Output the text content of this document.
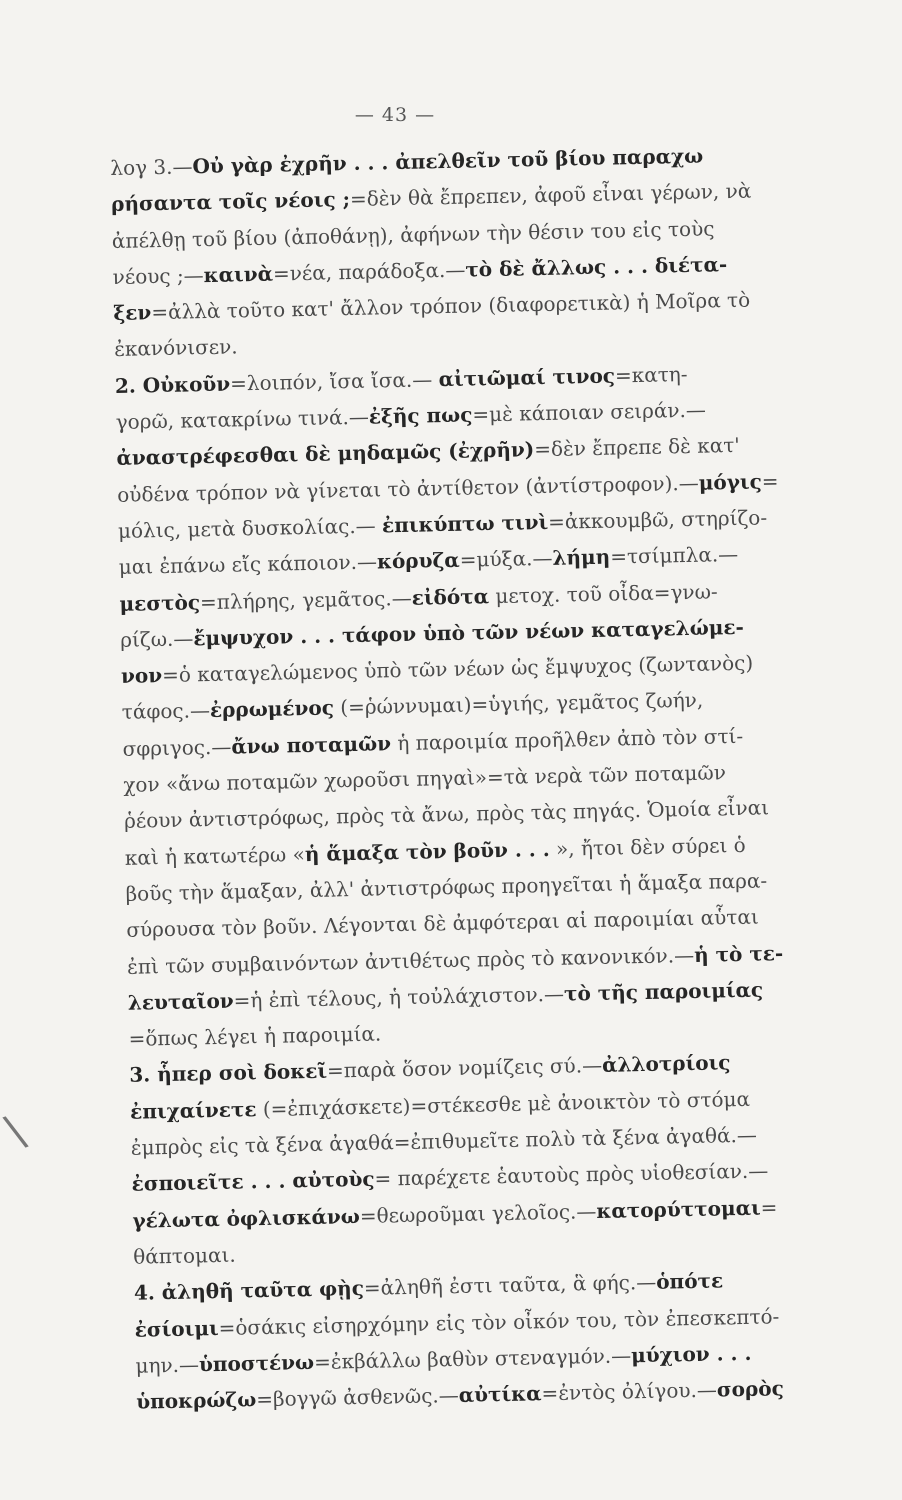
— 43 —
\
λογ 3.—Οὐ γὰρ ἐχρῆν . . . ἀπελθεῖν τοῦ βίου παραχω
ρήσαντα τοῖς νέοις ;=δὲν θὰ ἔπρεπεν, ἀφοῦ εἶναι γέρων, νὰ
ἀπέλθῃ τοῦ βίου (ἀποθάνῃ), ἀφήνων τὴν θέσιν του εἰς τοὺς
νέους ;—καινὰ=νέα, παράδοξα.—τὸ δὲ ἄλλως . . . διέτα-
ξεν=ἀλλὰ τοῦτο κατ' ἄλλον τρόπον (διαφορετικὰ) ἡ Μοῖρα τὸ
ἐκανόνισεν.
2. Οὐκοῦν=λοιπόν, ἴσα ἴσα.— αἰτιῶμαί τινος=κατη-
γορῶ, κατακρίνω τινά.—ἐξῆς πως=μὲ κάποιαν σειράν.—
ἀναστρέφεσθαι δὲ μηδαμῶς (ἐχρῆν)=δὲν ἔπρεπε δὲ κατ'
οὐδένα τρόπον νὰ γίνεται τὸ ἀντίθετον (ἀντίστροφον).—μόγις=
μόλις, μετὰ δυσκολίας.— ἐπικύπτω τινὶ=ἀκκουμβῶ, στηρίζο-
μαι ἐπάνω εἴς κάποιον.—κόρυζα=μύξα.—λήμη=τσίμπλα.—
μεστὸς=πλήρης, γεμᾶτος.—εἰδότα μετοχ. τοῦ οἶδα=γνω-
ρίζω.—ἔμψυχον . . . τάφον ὑπὸ τῶν νέων καταγελώμε-
νον=ὁ καταγελώμενος ὑπὸ τῶν νέων ὡς ἔμψυχος (ζωντανὸς)
τάφος.—ἐρρωμένος (=ῥώννυμαι)=ὑγιής, γεμᾶτος ζωήν,
σφριγος.—ἄνω ποταμῶν ἡ παροιμία προῆλθεν ἀπὸ τὸν στί-
χον «ἄνω ποταμῶν χωροῦσι πηγαὶ»=τὰ νερὰ τῶν ποταμῶν
ῥέουν ἀντιστρόφως, πρὸς τὰ ἄνω, πρὸς τὰς πηγάς. Ὁμοία εἶναι
καὶ ἡ κατωτέρω «ἡ ἅμαξα τὸν βοῦν . . . », ἤτοι δὲν σύρει ὁ
βοῦς τὴν ἅμαξαν, ἀλλ' ἀντιστρόφως προηγεῖται ἡ ἅμαξα παρα-
σύρουσα τὸν βοῦν. Λέγονται δὲ ἀμφότεραι αἱ παροιμίαι αὗται
ἐπὶ τῶν συμβαινόντων ἀντιθέτως πρὸς τὸ κανονικόν.—ἡ τὸ τε-
λευταῖον=ἡ ἐπὶ τέλους, ἡ τοὐλάχιστον.—τὸ τῆς παροιμίας
=ὅπως λέγει ἡ παροιμία.
3. ἧπερ σοὶ δοκεῖ=παρὰ ὅσον νομίζεις σύ.—ἀλλοτρίοις
ἐπιχαίνετε (=ἐπιχάσκετε)=στέκεσθε μὲ ἀνοικτὸν τὸ στόμα
ἐμπρὸς εἰς τὰ ξένα ἀγαθά=ἐπιθυμεῖτε πολὺ τὰ ξένα ἀγαθά.—
ἐσποιεῖτε . . . αὐτοὺς= παρέχετε ἑαυτοὺς πρὸς υἱοθεσίαν.—
γέλωτα ὀφλισκάνω=θεωροῦμαι γελοῖος.—κατορύττομαι=
θάπτομαι.
4. ἀληθῆ ταῦτα φῂς=ἀληθῆ ἐστι ταῦτα, ἃ φής.—ὁπότε
ἐσίοιμι=ὁσάκις εἰσηρχόμην εἰς τὸν οἶκόν του, τὸν ἐπεσκεπτό-
μην.—ὑποστένω=ἐκβάλλω βαθὺν στεναγμόν.—μύχιον . . .
ὑποκρώζω=βογγῶ ἀσθενῶς.—αὐτίκα=ἐντὸς ὀλίγου.—σορὸς
